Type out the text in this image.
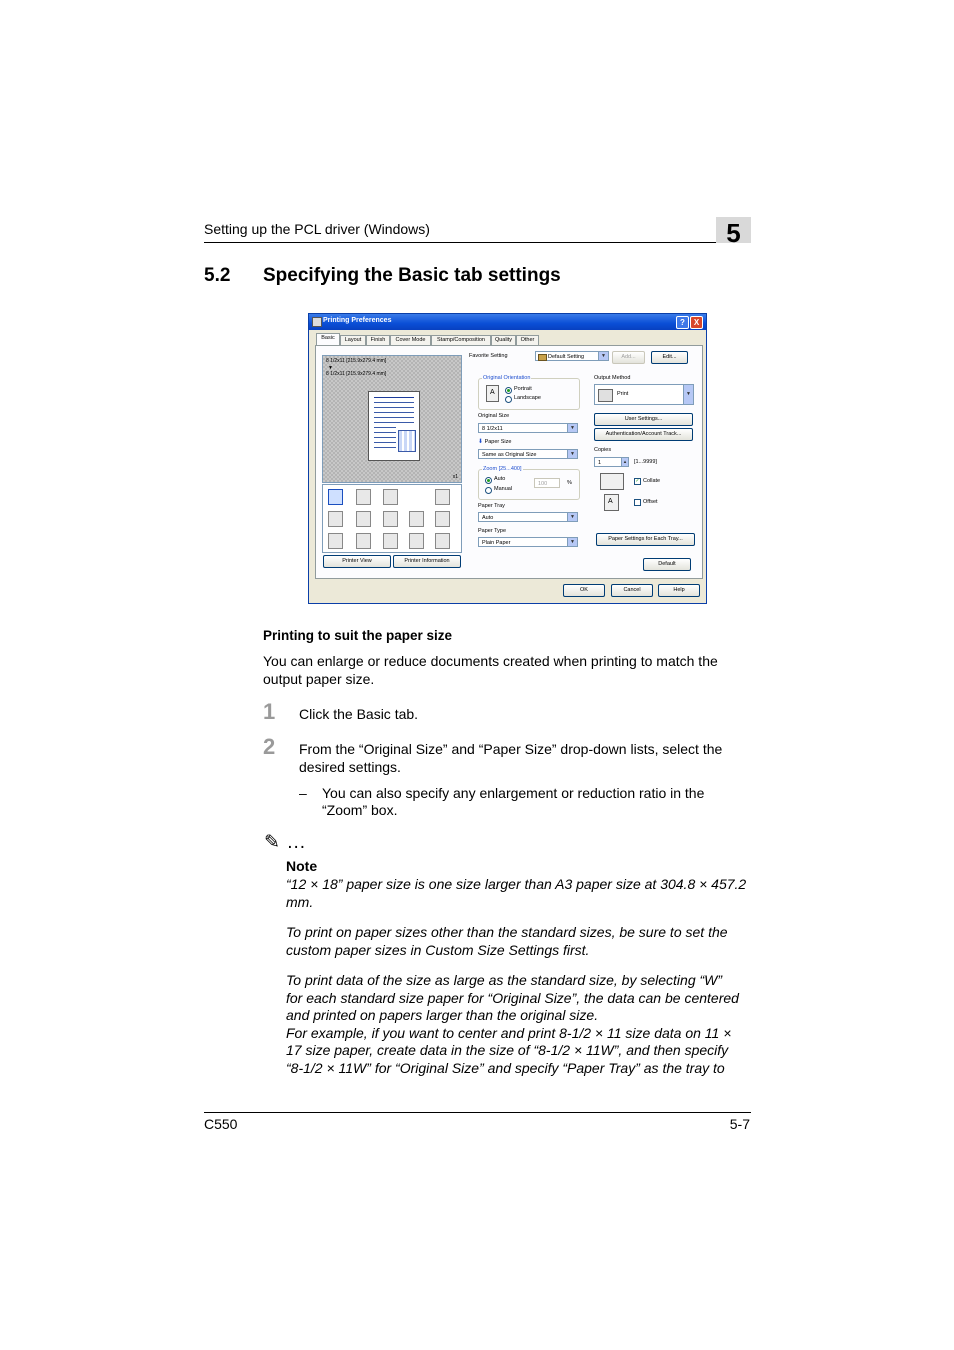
Setting up the PCL driver (Windows)	5
5.2 Specifying the Basic tab settings
Printing Preferences	?	X
Basic	Layout	Finish	Cover Mode	Stamp/Composition	Quality	Other
8 1/2x11 [215.9x279.4 mm]
▼
8 1/2x11 [215.9x279.4 mm]
x1
Printer View	Printer Information
Favorite Setting	Default Setting	▼	Add...	Edit...
Original Orientation
A	Portrait
Landscape
Original Size
8 1/2x11	▼
⬇ Paper Size
Same as Original Size	▼
Zoom [25...400]
Auto
Manual
100	%
Paper Tray
Auto	▼
Paper Type
Plain Paper	▼
Output Method
Print	▼
User Settings...
Authentication/Account Track...
Copies
1	▴	[1...9999]
✓ Collate
A	Offset
Paper Settings for Each Tray...
Default
OK	Cancel	Help
Printing to suit the paper size
You can enlarge or reduce documents created when printing to match the
output paper size.
1 Click the Basic tab.
2 From the “Original Size” and “Paper Size” drop-down lists, select the
desired settings.
– You can also specify any enlargement or reduction ratio in the
“Zoom” box.
✎ ...
Note
“12 × 18” paper size is one size larger than A3 paper size at 304.8 × 457.2
mm.
To print on paper sizes other than the standard sizes, be sure to set the
custom paper sizes in Custom Size Settings first.
To print data of the size as large as the standard size, by selecting “W”
for each standard size paper for “Original Size”, the data can be centered
and printed on papers larger than the original size.
For example, if you want to center and print 8-1/2 × 11 size data on 11 ×
17 size paper, create data in the size of “8-1/2 × 11W”, and then specify
“8-1/2 × 11W” for “Original Size” and specify “Paper Tray” as the tray to
C550	5-7
